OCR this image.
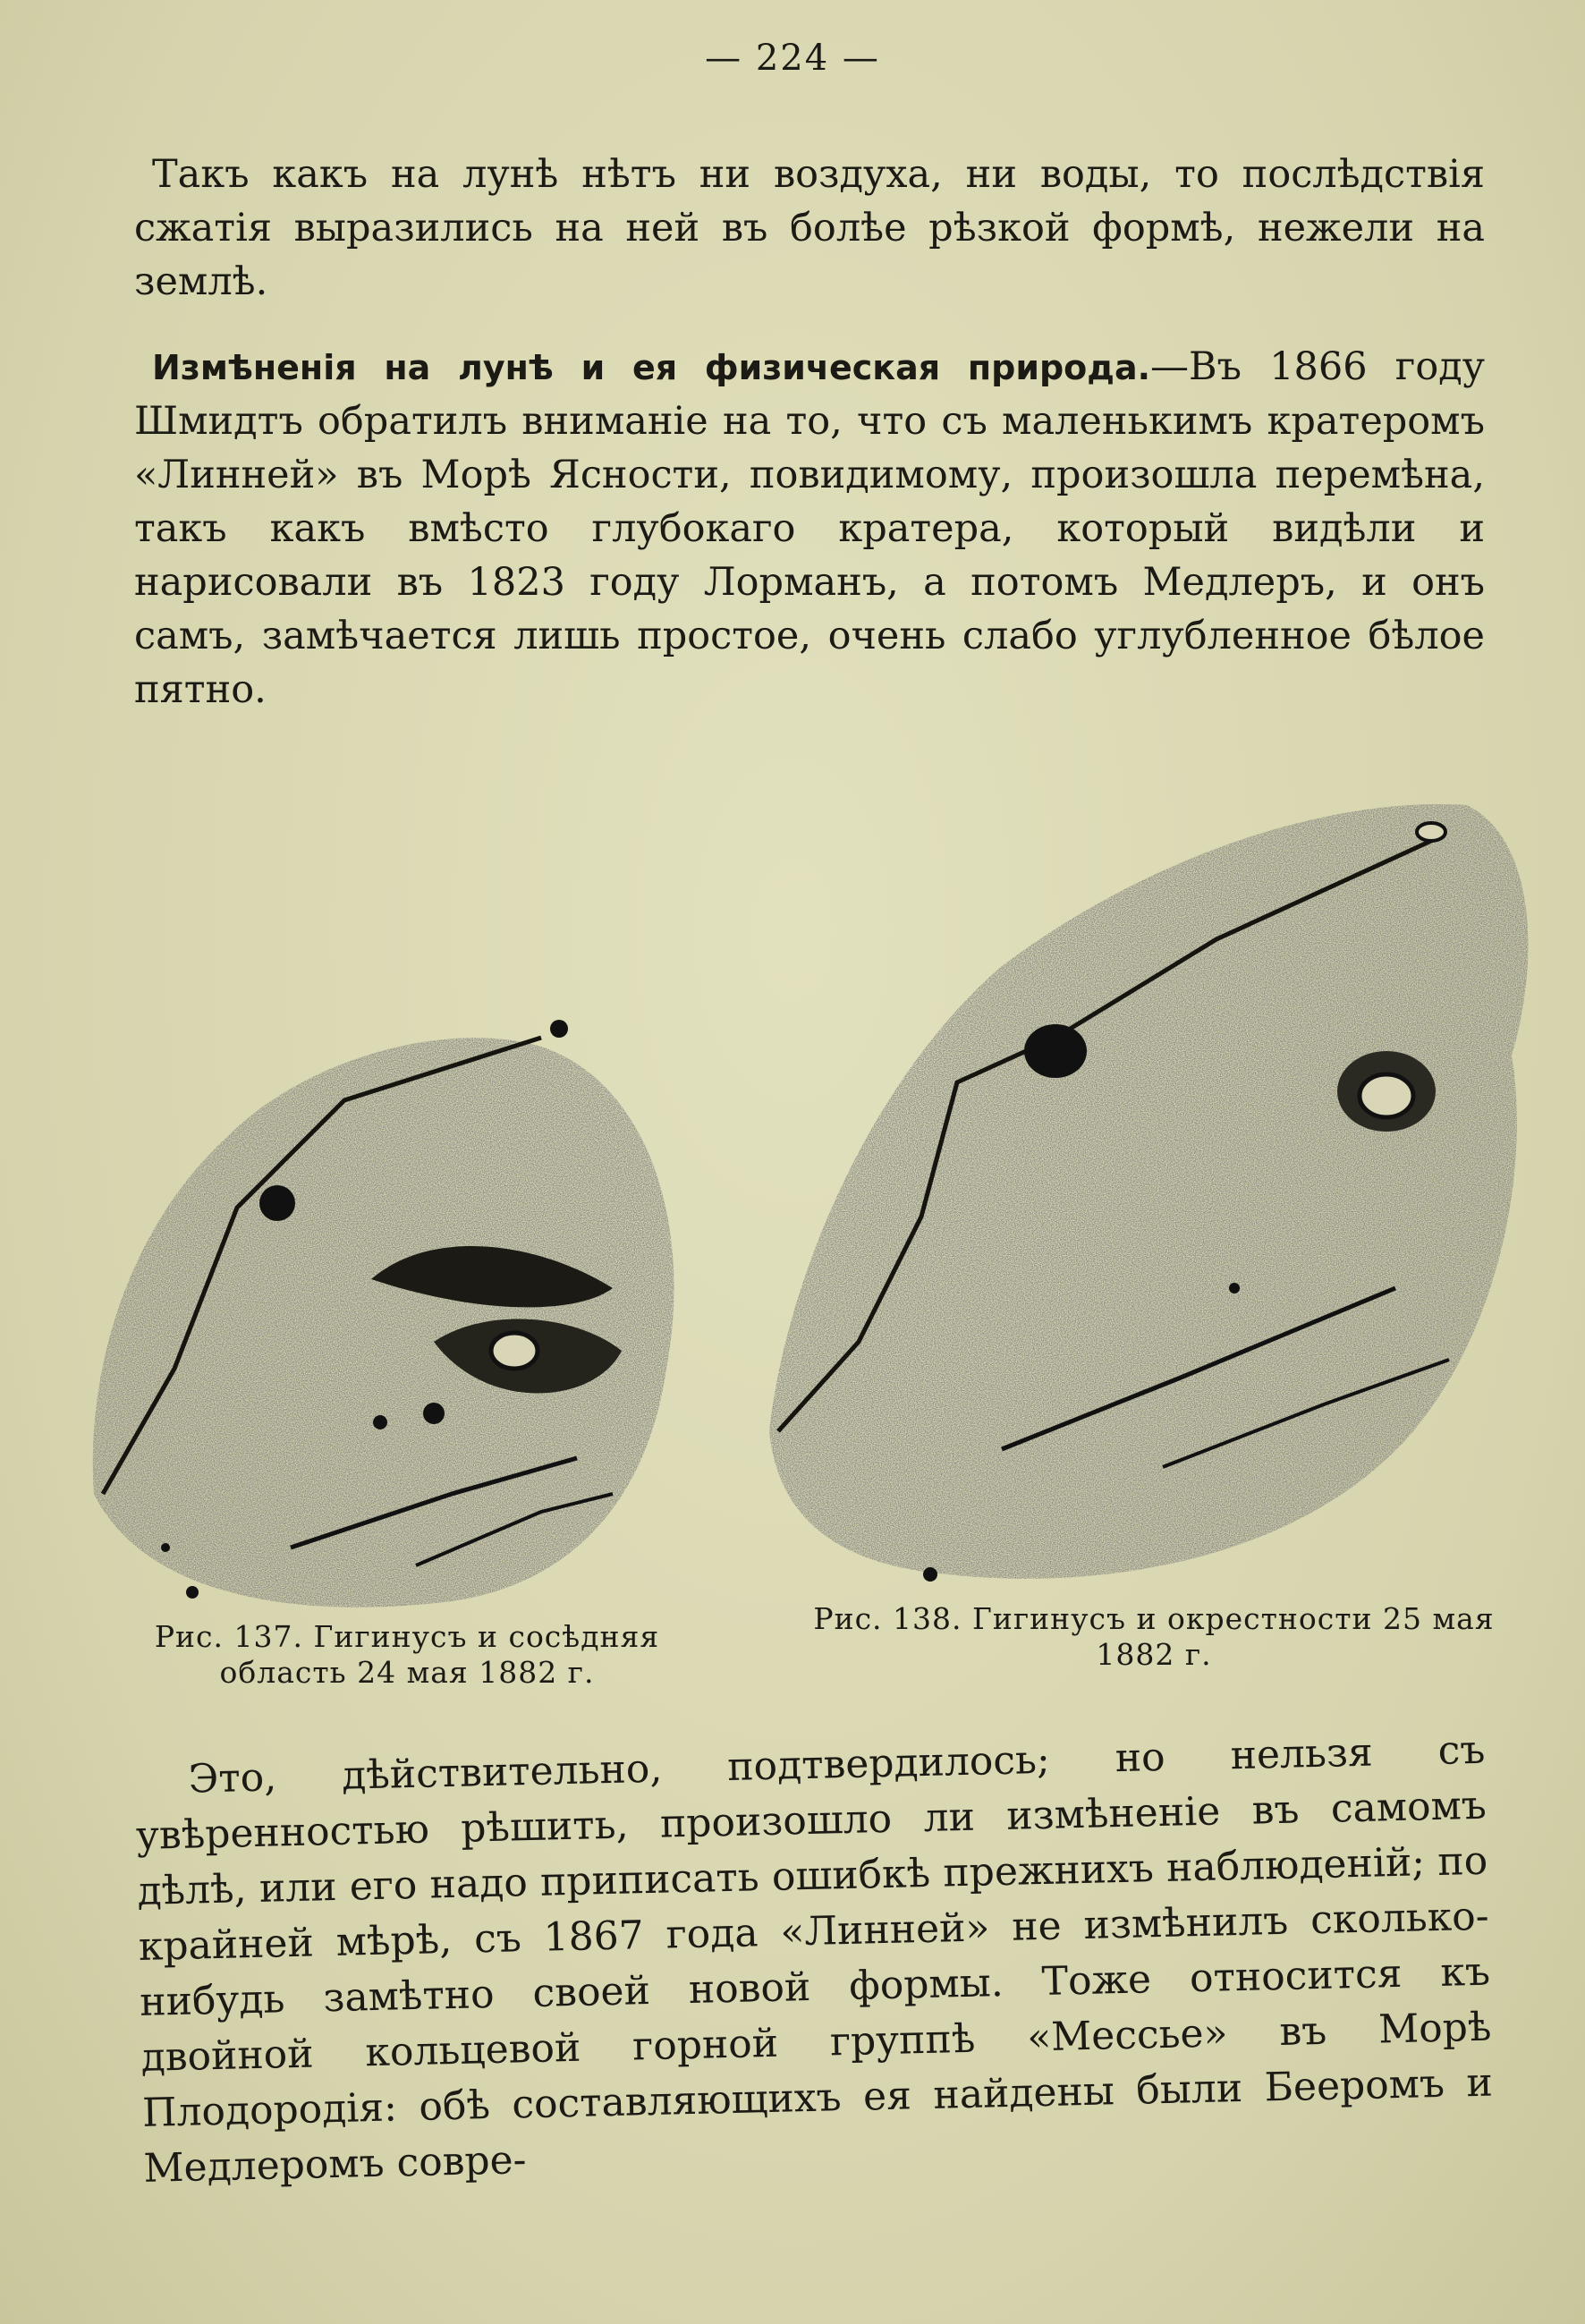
— 224 —

Такъ какъ на лунѣ нѣтъ ни воздуха, ни воды, то послѣдствія сжатія выразились на ней въ болѣе рѣзкой формѣ, нежели на землѣ.

Измѣненія на лунѣ и ея физическая природа.—Въ 1866 году Шмидтъ обратилъ вниманіе на то, что съ маленькимъ кратеромъ «Линней» въ Морѣ Ясности, повидимому, произошла перемѣна, такъ какъ вмѣсто глубокаго кратера, который видѣли и нарисовали въ 1823 году Лорманъ, а потомъ Медлеръ, и онъ самъ, замѣчается лишь простое, очень слабо углубленное бѣлое пятно.

Рис. 137. Гигинусъ и сосѣдняя область 24 мая 1882 г.
Рис. 138. Гигинусъ и окрестности 25 мая 1882 г.

Это, дѣйствительно, подтвердилось; но нельзя съ увѣренностью рѣшить, произошло ли измѣненіе въ самомъ дѣлѣ, или его надо приписать ошибкѣ прежнихъ наблюденій; по крайней мѣрѣ, съ 1867 года «Линней» не измѣнилъ сколько-нибудь замѣтно своей новой формы. Тоже относится къ двойной кольцевой горной группѣ «Мессье» въ Морѣ Плодородія: обѣ составляющихъ ея найдены были Бееромъ и Медлеромъ совре-
